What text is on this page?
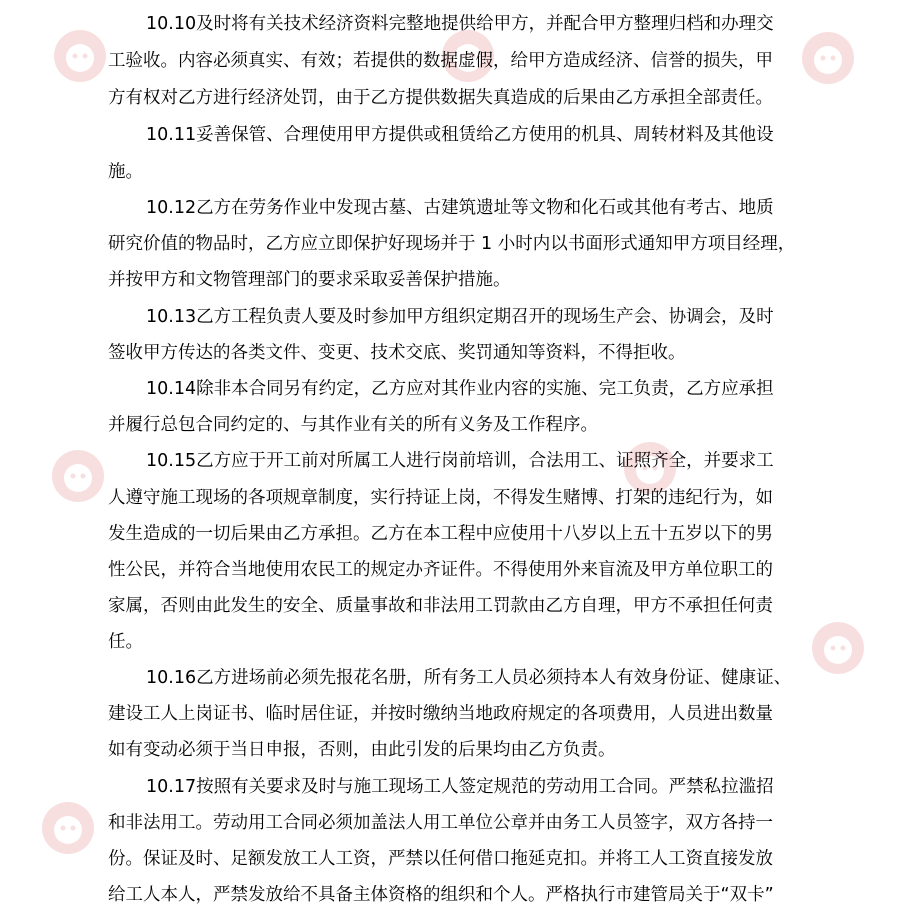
10.10及时将有关技术经济资料完整地提供给甲方，并配合甲方整理归档和办理交
工验收。内容必须真实、有效；若提供的数据虚假，给甲方造成经济、信誉的损失，甲
方有权对乙方进行经济处罚，由于乙方提供数据失真造成的后果由乙方承担全部责任。
10.11妥善保管、合理使用甲方提供或租赁给乙方使用的机具、周转材料及其他设
施。
10.12乙方在劳务作业中发现古墓、古建筑遗址等文物和化石或其他有考古、地质
研究价值的物品时，乙方应立即保护好现场并于 1 小时内以书面形式通知甲方项目经理，
并按甲方和文物管理部门的要求采取妥善保护措施。
10.13乙方工程负责人要及时参加甲方组织定期召开的现场生产会、协调会，及时
签收甲方传达的各类文件、变更、技术交底、奖罚通知等资料，不得拒收。
10.14除非本合同另有约定，乙方应对其作业内容的实施、完工负责，乙方应承担
并履行总包合同约定的、与其作业有关的所有义务及工作程序。
10.15乙方应于开工前对所属工人进行岗前培训，合法用工、证照齐全，并要求工
人遵守施工现场的各项规章制度，实行持证上岗，不得发生赌博、打架的违纪行为，如
发生造成的一切后果由乙方承担。乙方在本工程中应使用十八岁以上五十五岁以下的男
性公民，并符合当地使用农民工的规定办齐证件。不得使用外来盲流及甲方单位职工的
家属，否则由此发生的安全、质量事故和非法用工罚款由乙方自理，甲方不承担任何责
任。
10.16乙方进场前必须先报花名册，所有务工人员必须持本人有效身份证、健康证、
建设工人上岗证书、临时居住证，并按时缴纳当地政府规定的各项费用，人员进出数量
如有变动必须于当日申报，否则，由此引发的后果均由乙方负责。
10.17按照有关要求及时与施工现场工人签定规范的劳动用工合同。严禁私拉滥招
和非法用工。劳动用工合同必须加盖法人用工单位公章并由务工人员签字，双方各持一
份。保证及时、足额发放工人工资，严禁以任何借口拖延克扣。并将工人工资直接发放
给工人本人，严禁发放给不具备主体资格的组织和个人。严格执行市建管局关于“双卡”
